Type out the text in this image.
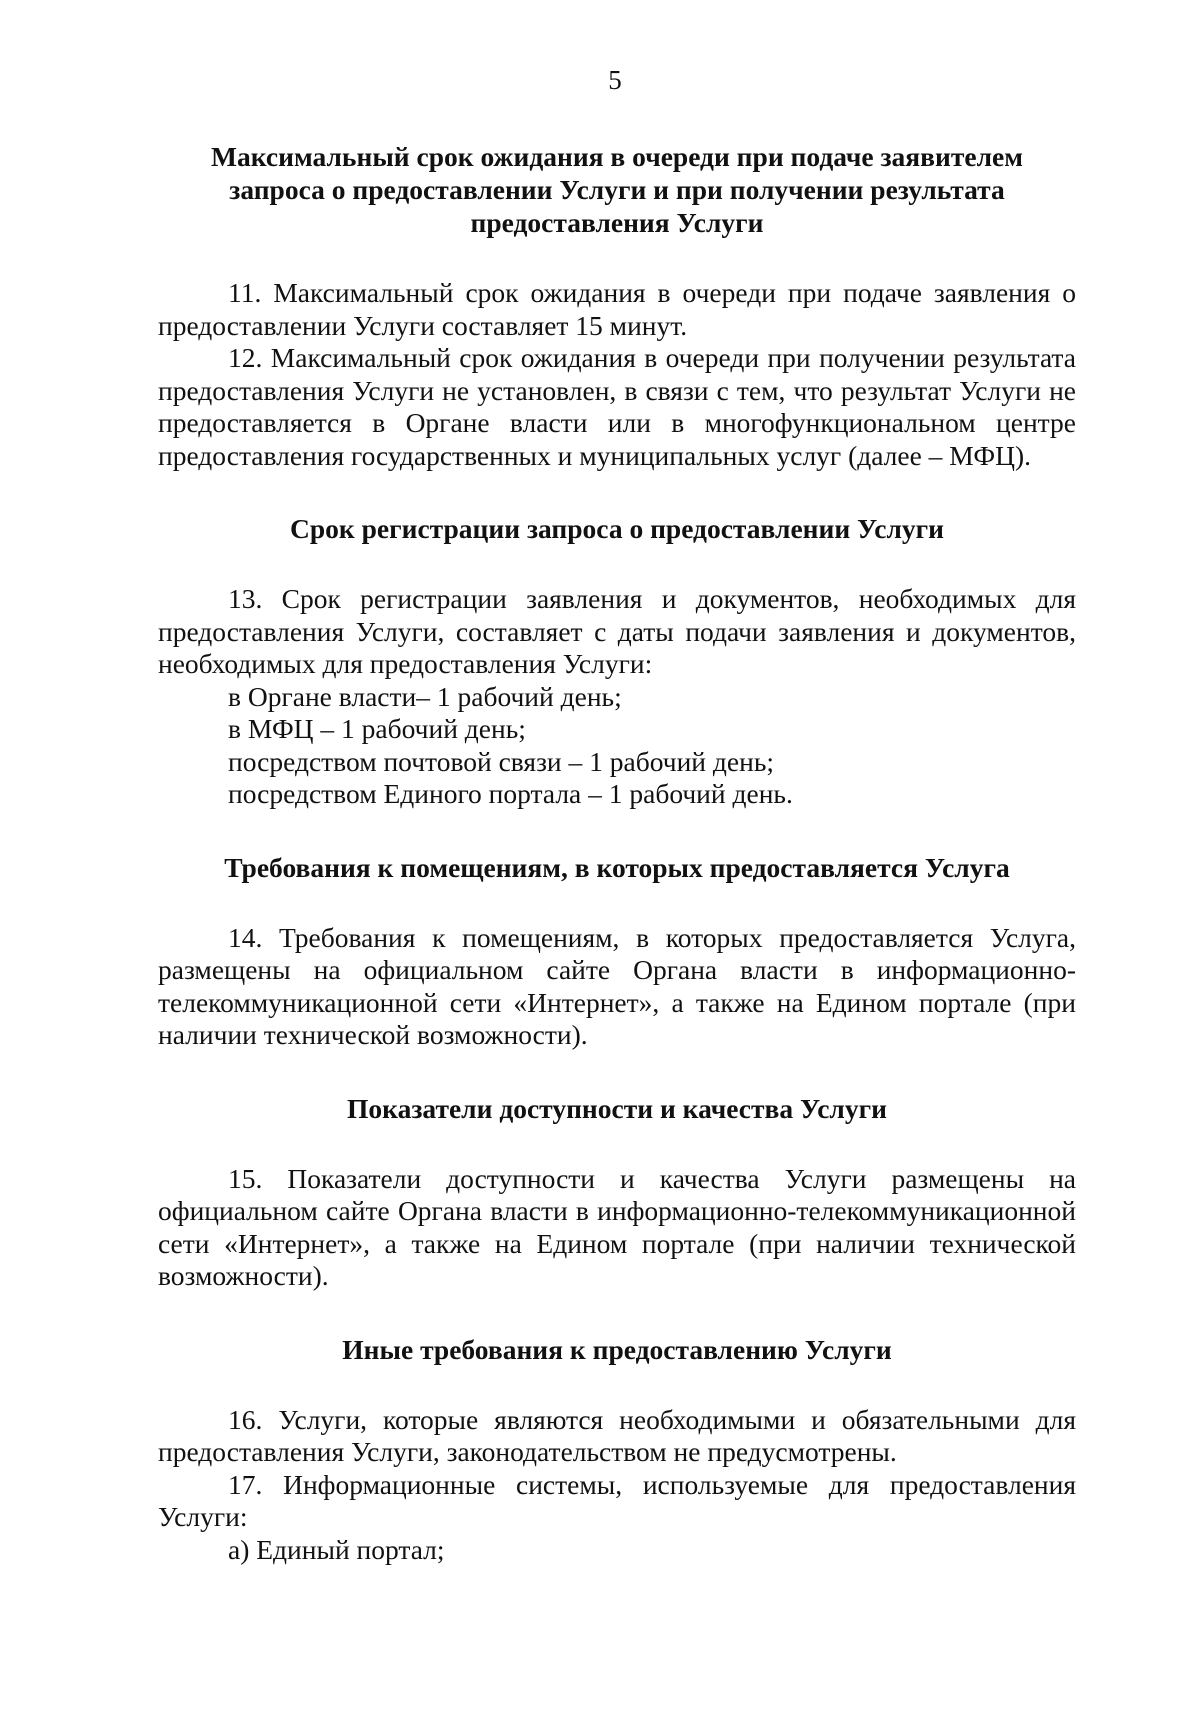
5
Максимальный срок ожидания в очереди при подаче заявителем
запроса о предоставлении Услуги и при получении результата
предоставления Услуги

11. Максимальный срок ожидания в очереди при подаче заявления о предоставлении Услуги составляет 15 минут.

12. Максимальный срок ожидания в очереди при получении результата предоставления Услуги не установлен, в связи с тем, что результат Услуги не предоставляется в Органе власти или в многофункциональном центре предоставления государственных и муниципальных услуг (далее – МФЦ).

Срок регистрации запроса о предоставлении Услуги

13. Срок регистрации заявления и документов, необходимых для предоставления Услуги, составляет с даты подачи заявления и документов, необходимых для предоставления Услуги:

в Органе власти– 1 рабочий день;

в МФЦ – 1 рабочий день;

посредством почтовой связи – 1 рабочий день;

посредством Единого портала – 1 рабочий день.

Требования к помещениям, в которых предоставляется Услуга

14. Требования к помещениям, в которых предоставляется Услуга, размещены на официальном сайте Органа власти в информационно-телекоммуникационной сети «Интернет», а также на Едином портале (при наличии технической возможности).

Показатели доступности и качества Услуги

15. Показатели доступности и качества Услуги размещены на официальном сайте Органа власти в информационно-телекоммуникационной сети «Интернет», а также на Едином портале (при наличии технической возможности).

Иные требования к предоставлению Услуги

16. Услуги, которые являются необходимыми и обязательными для предоставления Услуги, законодательством не предусмотрены.

17. Информационные системы, используемые для предоставления Услуги:

а) Единый портал;
